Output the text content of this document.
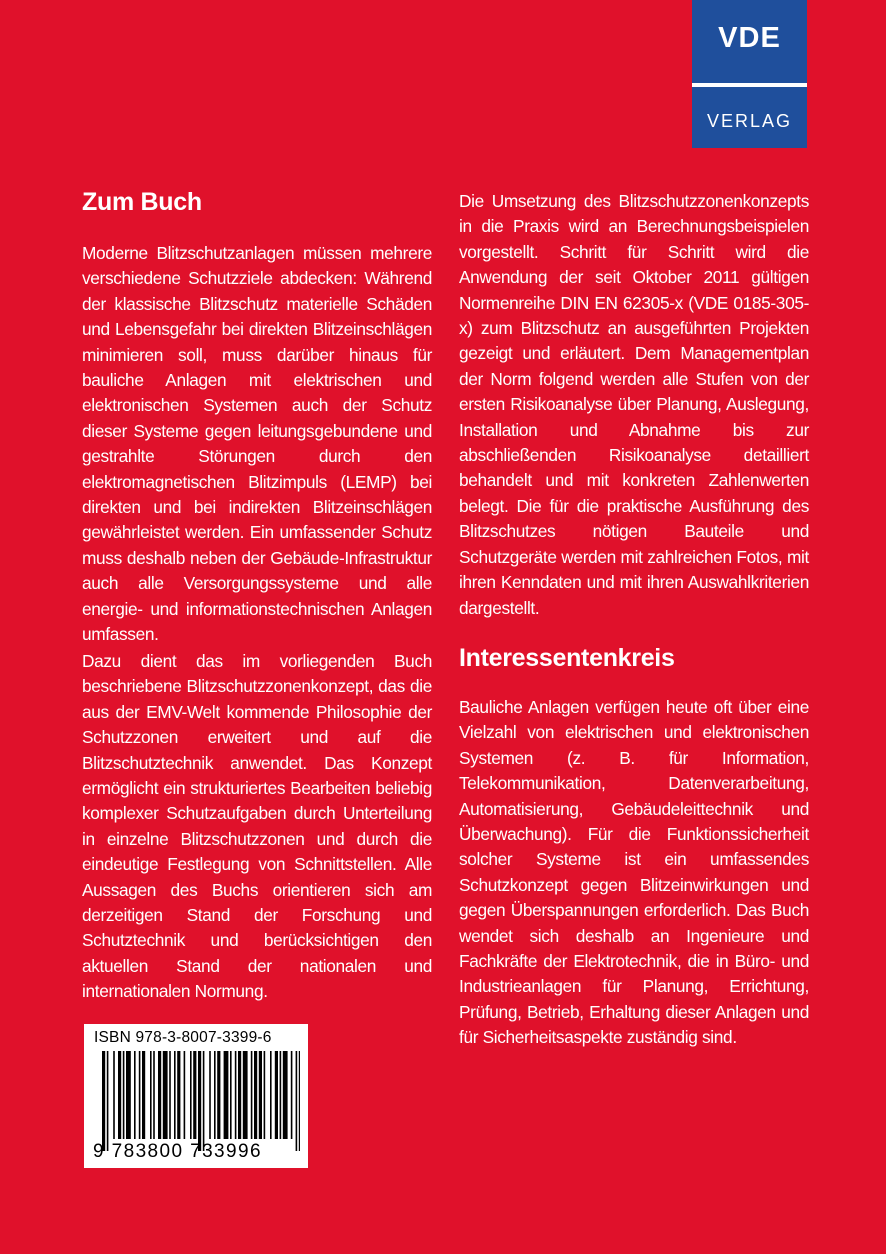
VDE
VERLAG
Zum Buch

Moderne Blitzschutzanlagen müssen mehrere verschiedene Schutzziele abdecken: Während der klassische Blitzschutz materielle Schäden und Lebensgefahr bei direkten Blitzeinschlägen minimieren soll, muss darüber hinaus für bauliche Anlagen mit elektrischen und elektronischen Systemen auch der Schutz dieser Systeme gegen leitungsgebundene und gestrahlte Störungen durch den elektromagnetischen Blitzimpuls (LEMP) bei direkten und bei indirekten Blitzeinschlägen gewährleistet werden. Ein umfassender Schutz muss deshalb neben der Gebäude-Infrastruktur auch alle Versorgungssysteme und alle energie- und informationstechnischen Anlagen umfassen.

Dazu dient das im vorliegenden Buch beschriebene Blitzschutzzonenkonzept, das die aus der EMV-Welt kommende Philosophie der Schutzzonen erweitert und auf die Blitzschutztechnik anwendet. Das Konzept ermöglicht ein strukturiertes Bearbeiten beliebig komplexer Schutzaufgaben durch Unterteilung in einzelne Blitzschutzzonen und durch die eindeutige Festlegung von Schnittstellen. Alle Aussagen des Buchs orientieren sich am derzeitigen Stand der Forschung und Schutztechnik und berücksichtigen den aktuellen Stand der nationalen und internationalen Normung.

Die Umsetzung des Blitzschutzzonenkonzepts in die Praxis wird an Berechnungsbeispielen vorgestellt. Schritt für Schritt wird die Anwendung der seit Oktober 2011 gültigen Normenreihe DIN EN 62305-x (VDE 0185-305-x) zum Blitzschutz an ausgeführten Projekten gezeigt und erläutert. Dem Managementplan der Norm folgend werden alle Stufen von der ersten Risikoanalyse über Planung, Auslegung, Installation und Abnahme bis zur abschließenden Risikoanalyse detailliert behandelt und mit konkreten Zahlenwerten belegt. Die für die praktische Ausführung des Blitzschutzes nötigen Bauteile und Schutzgeräte werden mit zahlreichen Fotos, mit ihren Kenndaten und mit ihren Auswahlkriterien dargestellt.

Interessentenkreis

Bauliche Anlagen verfügen heute oft über eine Vielzahl von elektrischen und elektronischen Systemen (z. B. für Information, Telekommunikation, Datenverarbeitung, Automatisierung, Gebäudeleittechnik und Überwachung). Für die Funktionssicherheit solcher Systeme ist ein umfassendes Schutzkonzept gegen Blitzeinwirkungen und gegen Überspannungen erforderlich. Das Buch wendet sich deshalb an Ingenieure und Fachkräfte der Elektrotechnik, die in Büro- und Industrieanlagen für Planung, Errichtung, Prüfung, Betrieb, Erhaltung dieser Anlagen und für Sicherheitsaspekte zuständig sind.

ISBN 978-3-8007-3399-6
9 783800 733996
